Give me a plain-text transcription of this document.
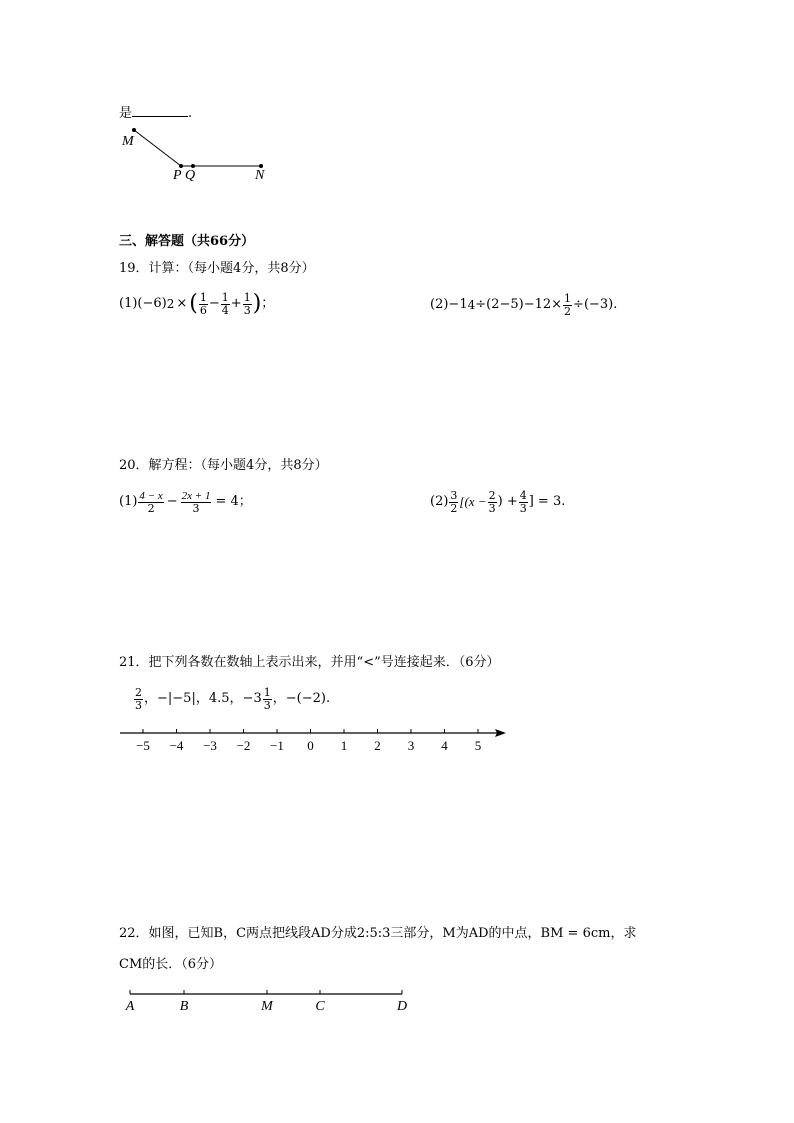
是	.
M
P Q	N
三、解答题（共66分）
19．计算：（每小题4分，共8分）
(1) (−6) 2 × ( $\frac{1}{6} - \frac{1}{4} + \frac{1}{3}$ ) ；	(2) −1 $4 \div(2-5)-12\times \frac{1}{2} \div(-3)$ .
20．解方程：（每小题4分，共8分）
$(1) \frac{4 - x}{2} - \frac{2x + 1}{3} = 4$ ；	$(2) \frac{3}{2} [(x - \frac{2}{3}$ ) + $\frac{4}{3}$ ] = 3 .
21．把下列各数在数轴上表示出来，并用“<”号连接起来．（6分）
$\frac{2}{3}$ ， −|−5| ， 4.5 ， $-3 \frac{1}{3}$ ， −(−2) .
−5 −4 −3 −2 −1 0 1 2 3 4 5
22．如图，已知B，C两点把线段AD分成2:5:3三部分，M为AD的中点，BM = 6cm，求
CM的长．（6分）
A	B	M	C	D
